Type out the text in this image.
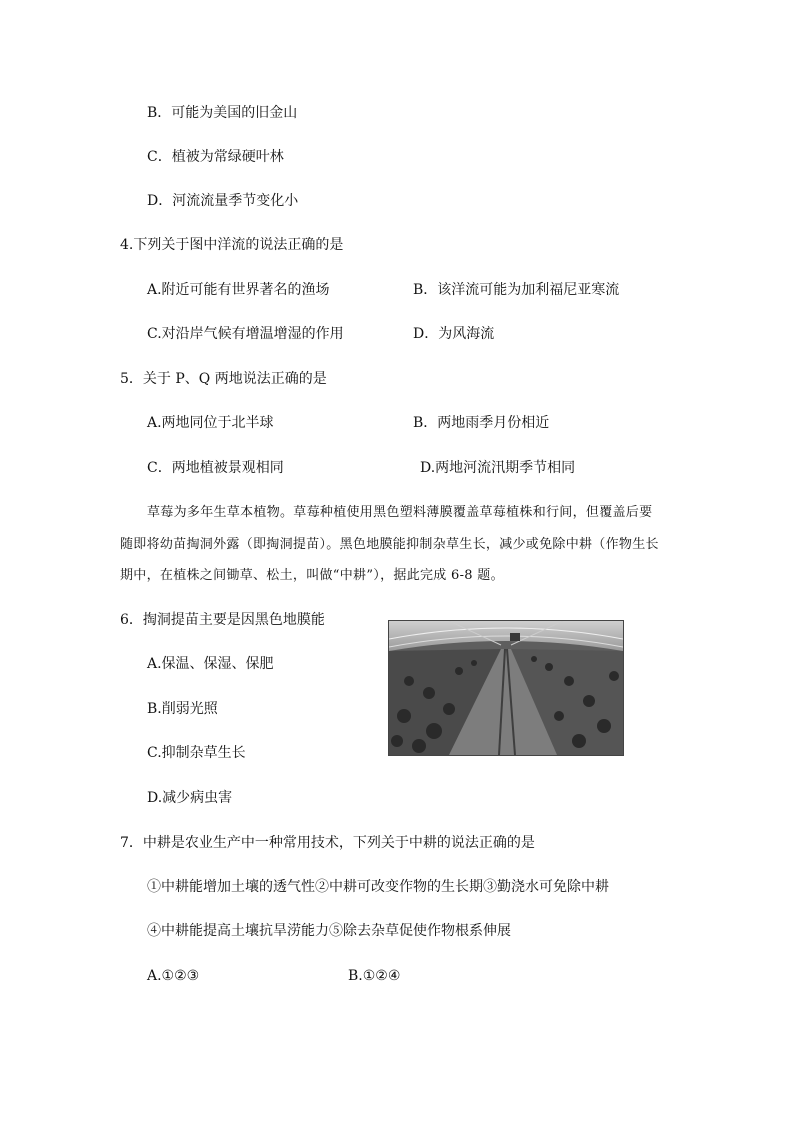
B．可能为美国的旧金山
C．植被为常绿硬叶林
D．河流流量季节变化小
4.下列关于图中洋流的说法正确的是
A.附近可能有世界著名的渔场	B．该洋流可能为加利福尼亚寒流
C.对沿岸气候有增温增湿的作用	D．为风海流
5．关于 P、Q 两地说法正确的是
A.两地同位于北半球	B．两地雨季月份相近
C．两地植被景观相同	D.两地河流汛期季节相同
草莓为多年生草本植物。草莓种植使用黑色塑料薄膜覆盖草莓植株和行间，但覆盖后要
随即将幼苗掏洞外露（即掏洞提苗）。黑色地膜能抑制杂草生长，减少或免除中耕（作物生长
期中，在植株之间锄草、松土，叫做“中耕”），据此完成 6-8 题。
6．掏洞提苗主要是因黑色地膜能
A.保温、保湿、保肥
B.削弱光照
C.抑制杂草生长
D.减少病虫害
7．中耕是农业生产中一种常用技术，下列关于中耕的说法正确的是
①中耕能增加土壤的透气性②中耕可改变作物的生长期③勤浇水可免除中耕
④中耕能提高土壤抗旱涝能力⑤除去杂草促使作物根系伸展
A.①②③	B.①②④
